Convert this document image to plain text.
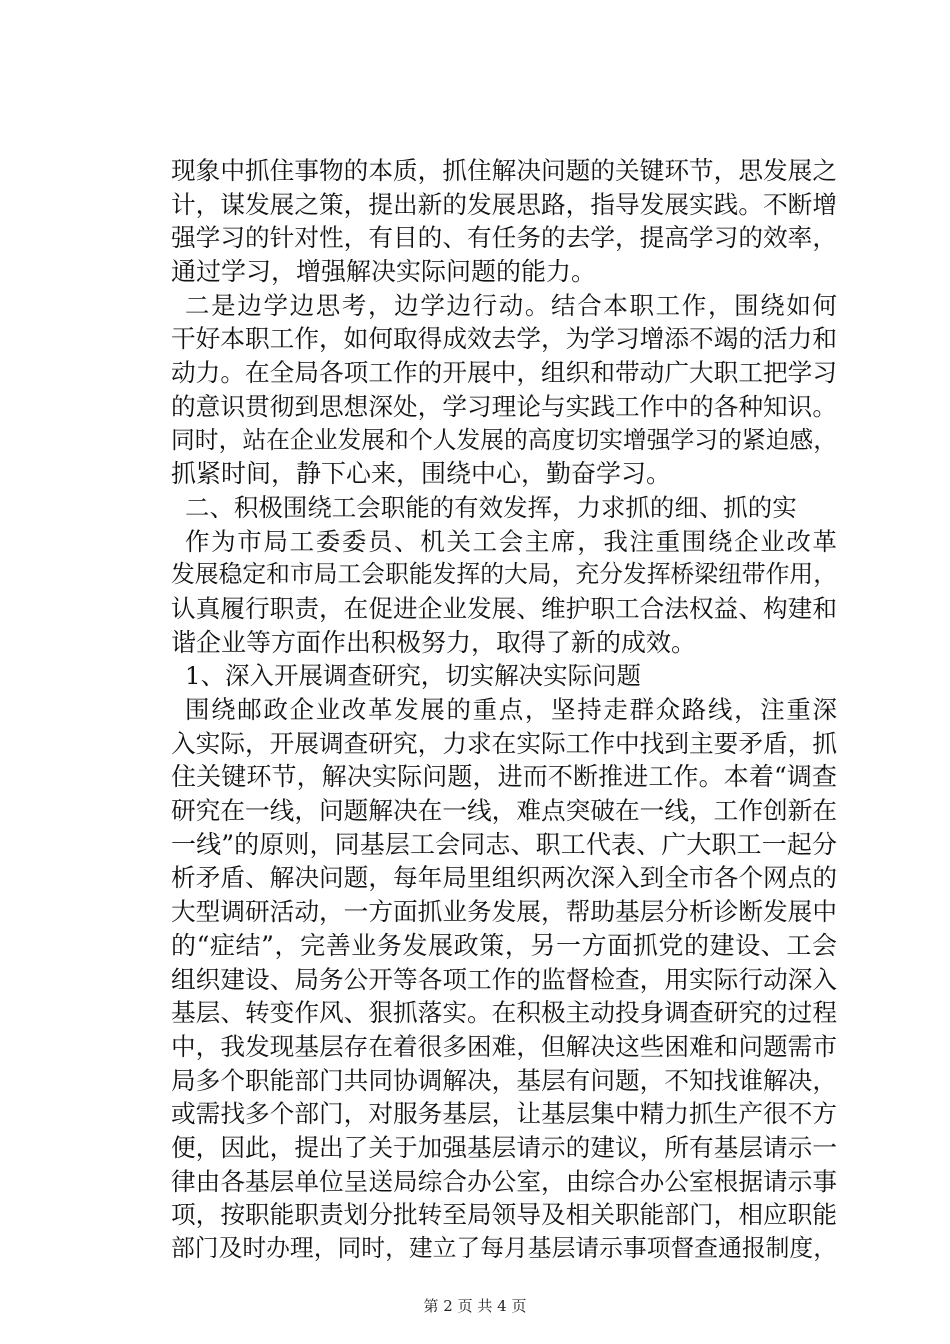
现象中抓住事物的本质，抓住解决问题的关键环节，思发展之
计，谋发展之策，提出新的发展思路，指导发展实践。不断增
强学习的针对性，有目的、有任务的去学，提高学习的效率，
通过学习，增强解决实际问题的能力。
二是边学边思考，边学边行动。结合本职工作，围绕如何
干好本职工作，如何取得成效去学，为学习增添不竭的活力和
动力。在全局各项工作的开展中，组织和带动广大职工把学习
的意识贯彻到思想深处，学习理论与实践工作中的各种知识。
同时，站在企业发展和个人发展的高度切实增强学习的紧迫感，
抓紧时间，静下心来，围绕中心，勤奋学习。
二、积极围绕工会职能的有效发挥，力求抓的细、抓的实
作为市局工委委员、机关工会主席，我注重围绕企业改革
发展稳定和市局工会职能发挥的大局，充分发挥桥梁纽带作用，
认真履行职责，在促进企业发展、维护职工合法权益、构建和
谐企业等方面作出积极努力，取得了新的成效。
1、深入开展调查研究，切实解决实际问题
围绕邮政企业改革发展的重点，坚持走群众路线，注重深
入实际，开展调查研究，力求在实际工作中找到主要矛盾，抓
住关键环节，解决实际问题，进而不断推进工作。本着“调查
研究在一线，问题解决在一线，难点突破在一线，工作创新在
一线”的原则，同基层工会同志、职工代表、广大职工一起分
析矛盾、解决问题，每年局里组织两次深入到全市各个网点的
大型调研活动，一方面抓业务发展，帮助基层分析诊断发展中
的“症结”，完善业务发展政策，另一方面抓党的建设、工会
组织建设、局务公开等各项工作的监督检查，用实际行动深入
基层、转变作风、狠抓落实。在积极主动投身调查研究的过程
中，我发现基层存在着很多困难，但解决这些困难和问题需市
局多个职能部门共同协调解决，基层有问题，不知找谁解决，
或需找多个部门，对服务基层，让基层集中精力抓生产很不方
便，因此，提出了关于加强基层请示的建议，所有基层请示一
律由各基层单位呈送局综合办公室，由综合办公室根据请示事
项，按职能职责划分批转至局领导及相关职能部门，相应职能
部门及时办理，同时，建立了每月基层请示事项督查通报制度，
第 2 页 共 4 页
